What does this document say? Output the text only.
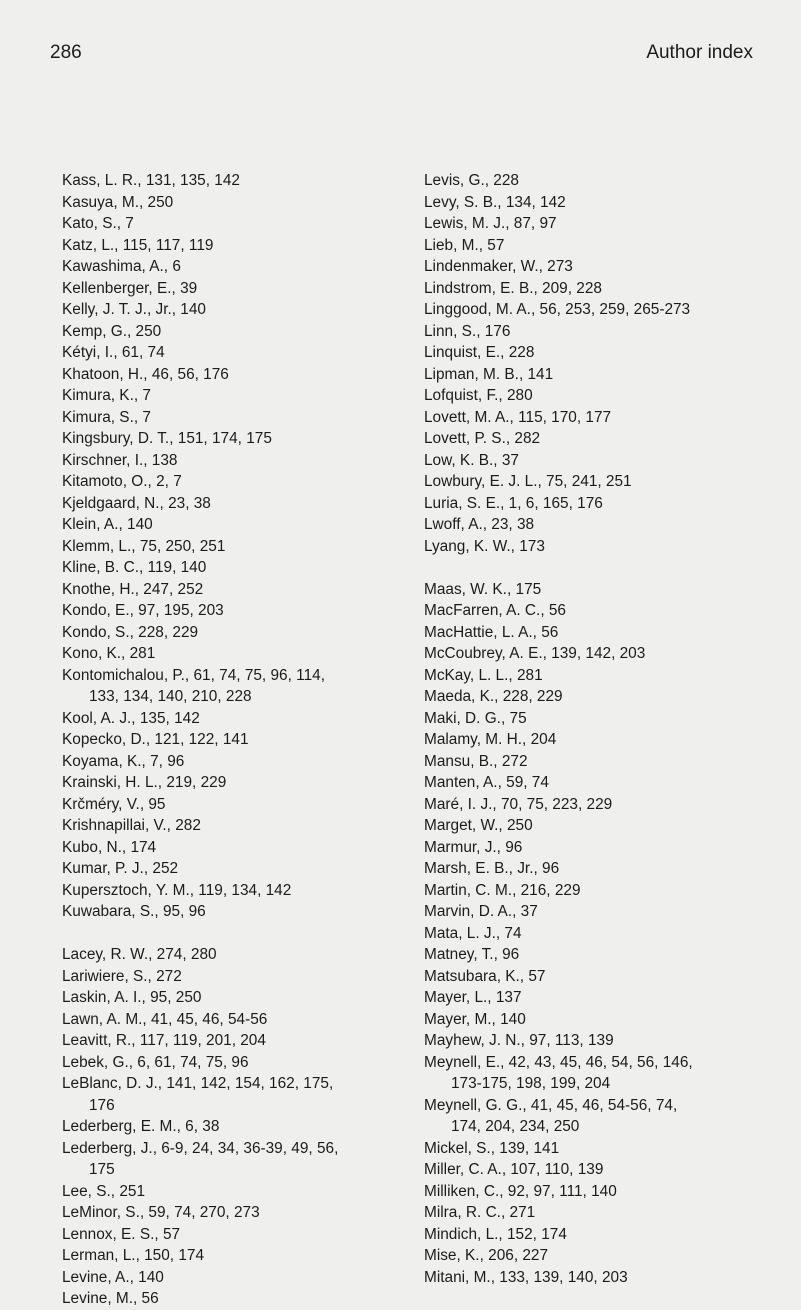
286	Author index
Kass, L. R., 131, 135, 142
Kasuya, M., 250
Kato, S., 7
Katz, L., 115, 117, 119
Kawashima, A., 6
Kellenberger, E., 39
Kelly, J. T. J., Jr., 140
Kemp, G., 250
Kétyi, I., 61, 74
Khatoon, H., 46, 56, 176
Kimura, K., 7
Kimura, S., 7
Kingsbury, D. T., 151, 174, 175
Kirschner, I., 138
Kitamoto, O., 2, 7
Kjeldgaard, N., 23, 38
Klein, A., 140
Klemm, L., 75, 250, 251
Kline, B. C., 119, 140
Knothe, H., 247, 252
Kondo, E., 97, 195, 203
Kondo, S., 228, 229
Kono, K., 281
Kontomichalou, P., 61, 74, 75, 96, 114,
133, 134, 140, 210, 228
Kool, A. J., 135, 142
Kopecko, D., 121, 122, 141
Koyama, K., 7, 96
Krainski, H. L., 219, 229
Krčméry, V., 95
Krishnapillai, V., 282
Kubo, N., 174
Kumar, P. J., 252
Kupersztoch, Y. M., 119, 134, 142
Kuwabara, S., 95, 96
Lacey, R. W., 274, 280
Lariwiere, S., 272
Laskin, A. I., 95, 250
Lawn, A. M., 41, 45, 46, 54-56
Leavitt, R., 117, 119, 201, 204
Lebek, G., 6, 61, 74, 75, 96
LeBlanc, D. J., 141, 142, 154, 162, 175,
176
Lederberg, E. M., 6, 38
Lederberg, J., 6-9, 24, 34, 36-39, 49, 56,
175
Lee, S., 251
LeMinor, S., 59, 74, 270, 273
Lennox, E. S., 57
Lerman, L., 150, 174
Levine, A., 140
Levine, M., 56
Levis, G., 228
Levy, S. B., 134, 142
Lewis, M. J., 87, 97
Lieb, M., 57
Lindenmaker, W., 273
Lindstrom, E. B., 209, 228
Linggood, M. A., 56, 253, 259, 265-273
Linn, S., 176
Linquist, E., 228
Lipman, M. B., 141
Lofquist, F., 280
Lovett, M. A., 115, 170, 177
Lovett, P. S., 282
Low, K. B., 37
Lowbury, E. J. L., 75, 241, 251
Luria, S. E., 1, 6, 165, 176
Lwoff, A., 23, 38
Lyang, K. W., 173
Maas, W. K., 175
MacFarren, A. C., 56
MacHattie, L. A., 56
McCoubrey, A. E., 139, 142, 203
McKay, L. L., 281
Maeda, K., 228, 229
Maki, D. G., 75
Malamy, M. H., 204
Mansu, B., 272
Manten, A., 59, 74
Maré, I. J., 70, 75, 223, 229
Marget, W., 250
Marmur, J., 96
Marsh, E. B., Jr., 96
Martin, C. M., 216, 229
Marvin, D. A., 37
Mata, L. J., 74
Matney, T., 96
Matsubara, K., 57
Mayer, L., 137
Mayer, M., 140
Mayhew, J. N., 97, 113, 139
Meynell, E., 42, 43, 45, 46, 54, 56, 146,
173-175, 198, 199, 204
Meynell, G. G., 41, 45, 46, 54-56, 74,
174, 204, 234, 250
Mickel, S., 139, 141
Miller, C. A., 107, 110, 139
Milliken, C., 92, 97, 111, 140
Milra, R. C., 271
Mindich, L., 152, 174
Mise, K., 206, 227
Mitani, M., 133, 139, 140, 203
